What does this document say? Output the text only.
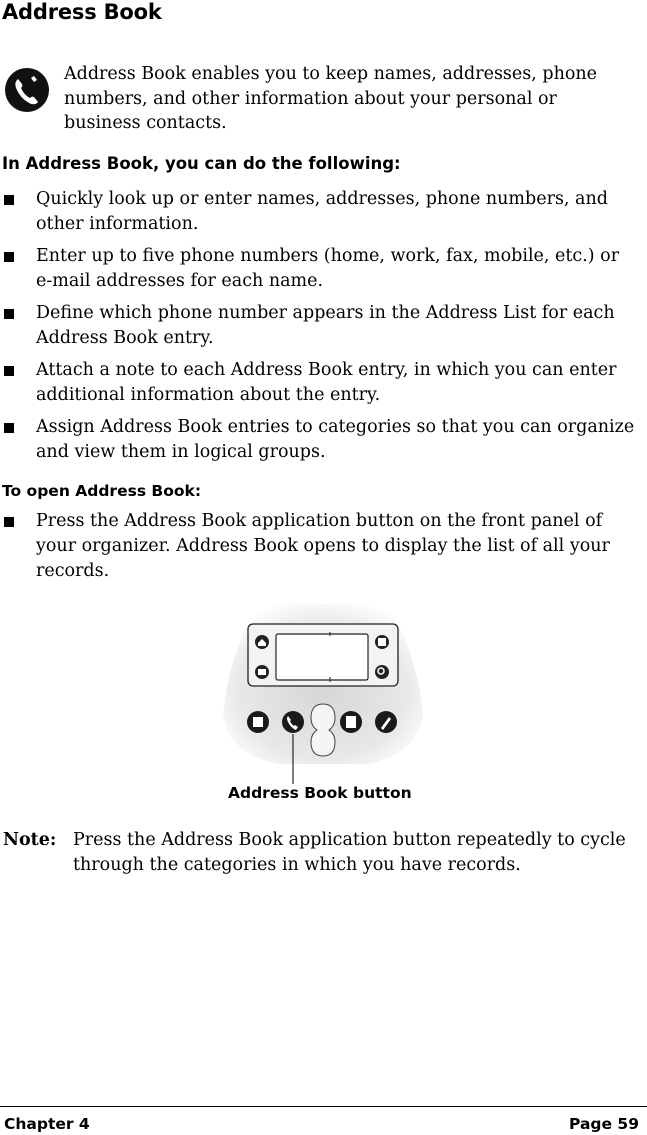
Address Book
Address Book enables you to keep names, addresses, phone numbers, and other information about your personal or business contacts.
In Address Book, you can do the following:
Quickly look up or enter names, addresses, phone numbers, and other information.
Enter up to five phone numbers (home, work, fax, mobile, etc.) or e-mail addresses for each name.
Define which phone number appears in the Address List for each Address Book entry.
Attach a note to each Address Book entry, in which you can enter additional information about the entry.
Assign Address Book entries to categories so that you can organize and view them in logical groups.
To open Address Book:
Press the Address Book application button on the front panel of your organizer. Address Book opens to display the list of all your records.
Address Book button
Note: Press the Address Book application button repeatedly to cycle through the categories in which you have records.
Chapter 4	Page 59
